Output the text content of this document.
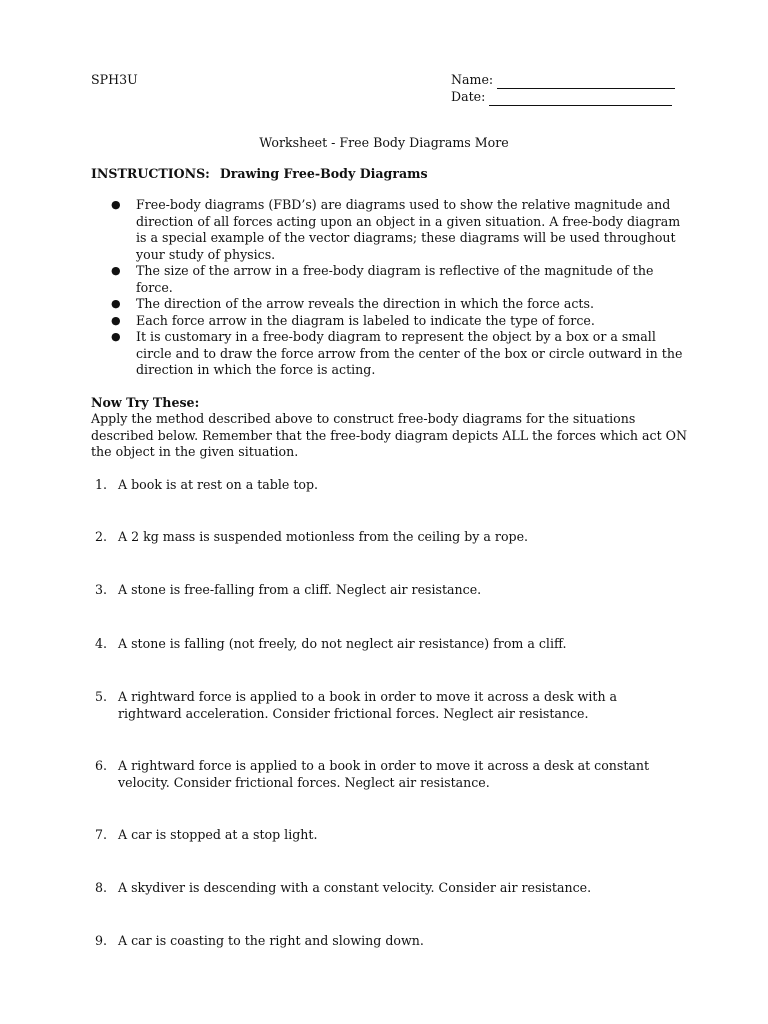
SPH3U	Name:
Date:
Worksheet - Free Body Diagrams More
INSTRUCTIONS: Drawing Free-Body Diagrams
● Free-body diagrams (FBD’s) are diagrams used to show the relative magnitude and direction of all forces acting upon an object in a given situation. A free-body diagram is a special example of the vector diagrams; these diagrams will be used throughout your study of physics.
● The size of the arrow in a free-body diagram is reflective of the magnitude of the force.
● The direction of the arrow reveals the direction in which the force acts.
● Each force arrow in the diagram is labeled to indicate the type of force.
● It is customary in a free-body diagram to represent the object by a box or a small circle and to draw the force arrow from the center of the box or circle outward in the direction in which the force is acting.
Now Try These:
Apply the method described above to construct free-body diagrams for the situations described below. Remember that the free-body diagram depicts ALL the forces which act ON the object in the given situation.
1. A book is at rest on a table top.
2. A 2 kg mass is suspended motionless from the ceiling by a rope.
3. A stone is free-falling from a cliff. Neglect air resistance.
4. A stone is falling (not freely, do not neglect air resistance) from a cliff.
5. A rightward force is applied to a book in order to move it across a desk with a rightward acceleration. Consider frictional forces. Neglect air resistance.
6. A rightward force is applied to a book in order to move it across a desk at constant velocity. Consider frictional forces. Neglect air resistance.
7. A car is stopped at a stop light.
8. A skydiver is descending with a constant velocity. Consider air resistance.
9. A car is coasting to the right and slowing down.
